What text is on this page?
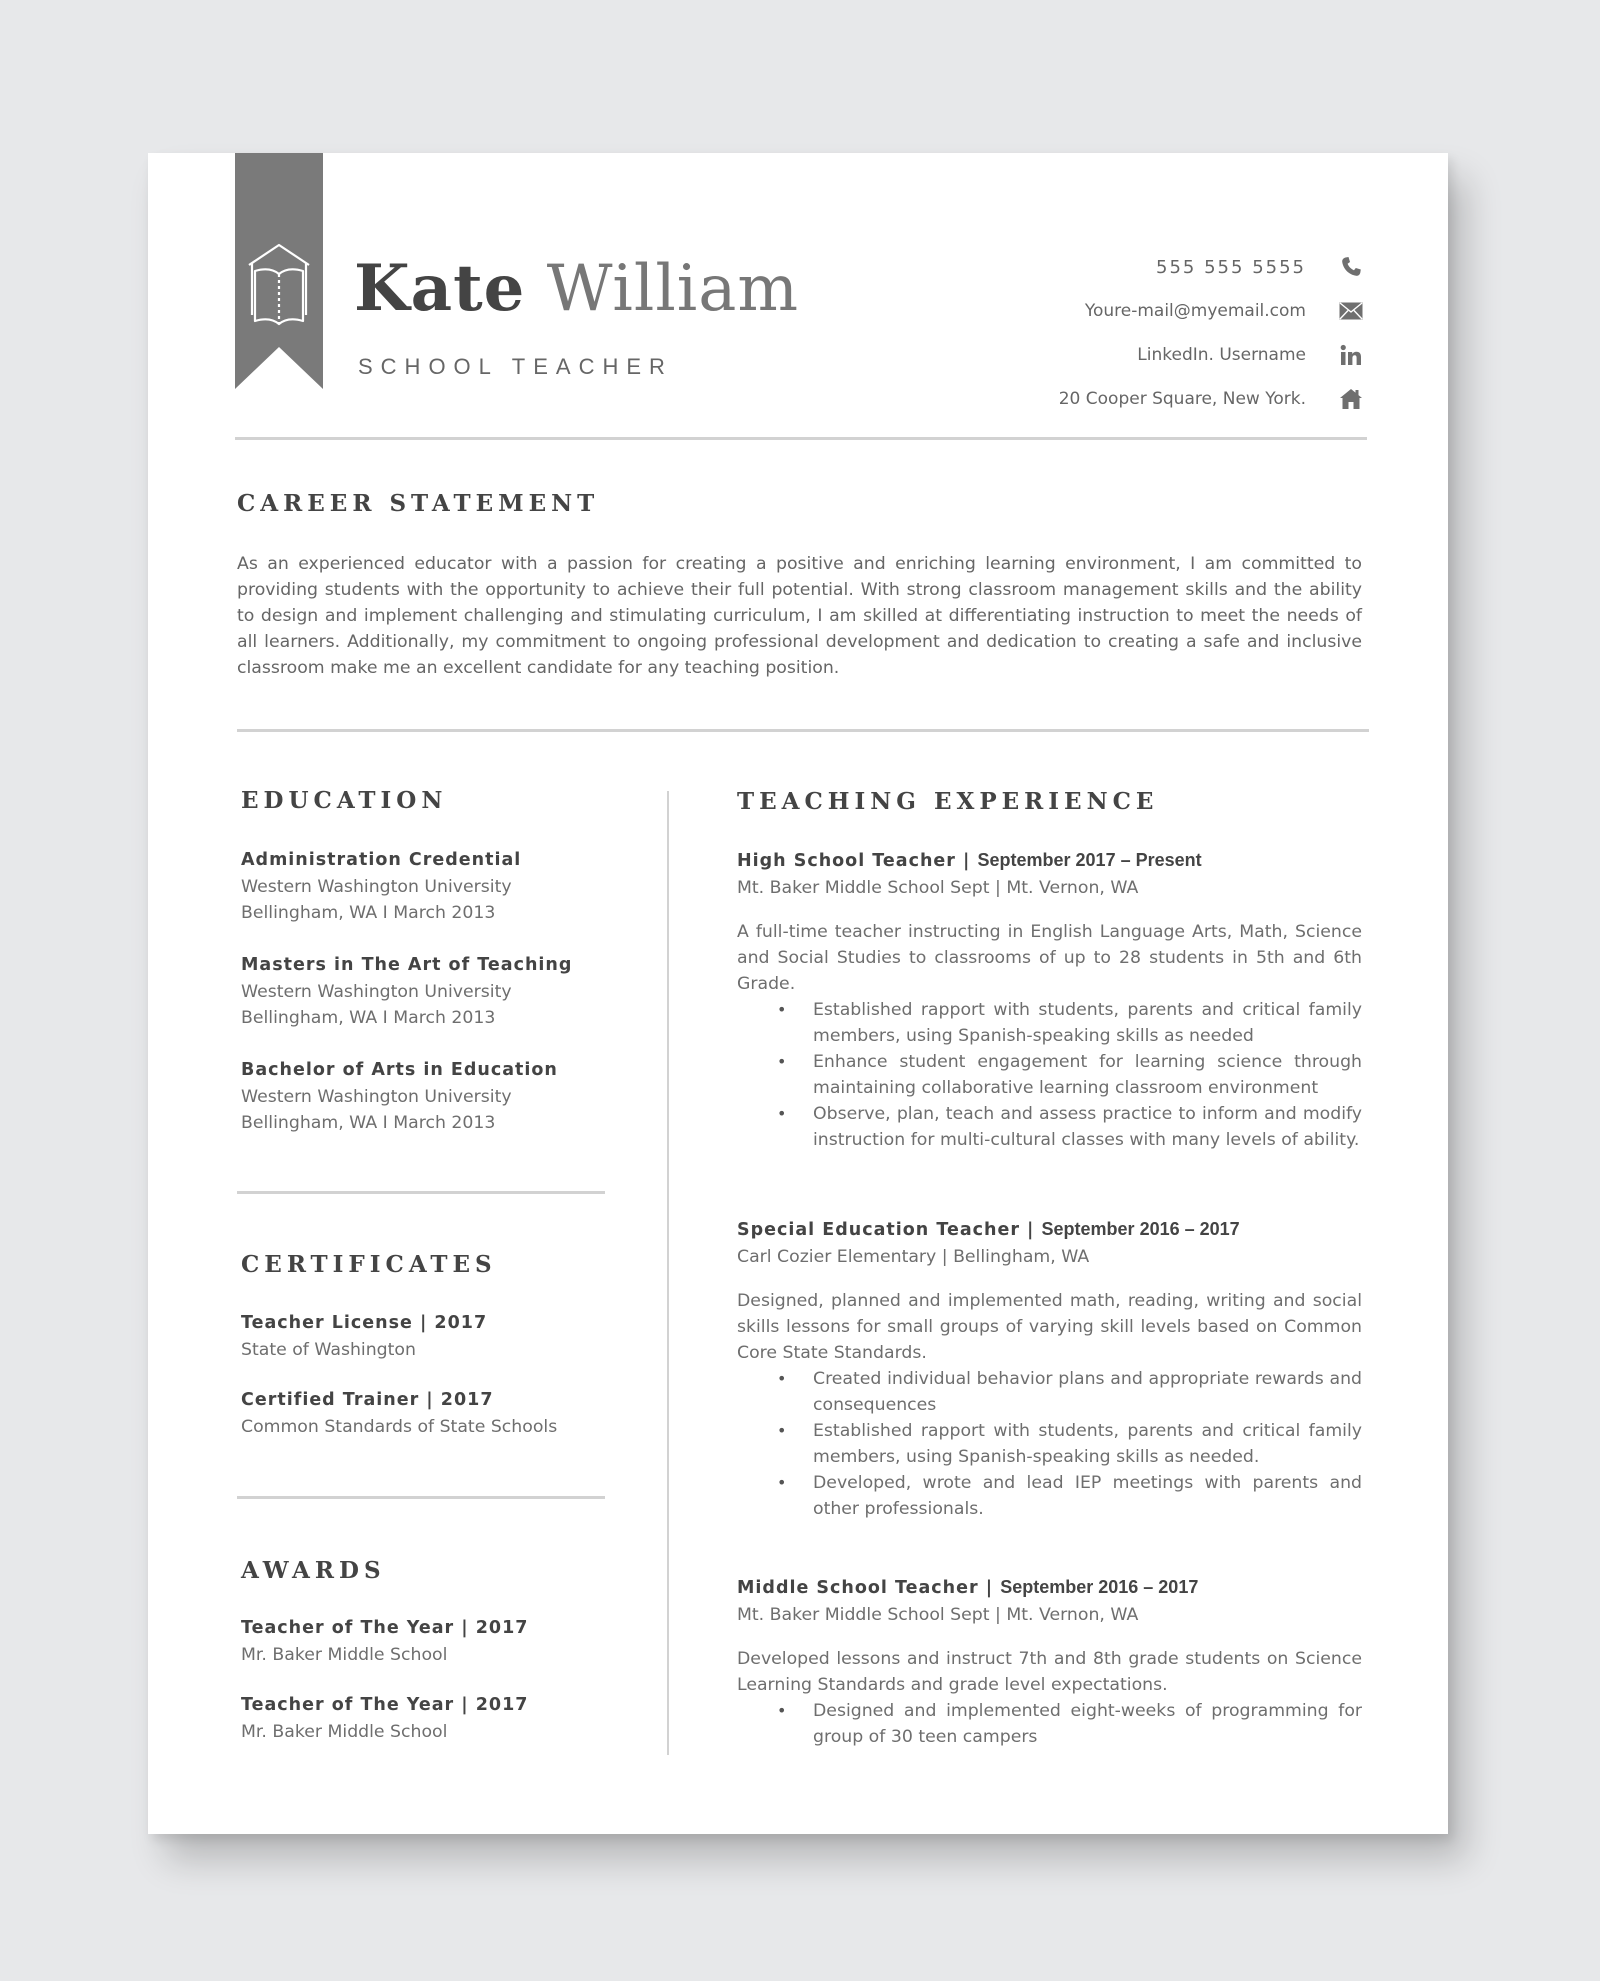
Kate William
SCHOOL TEACHER
555 555 5555
Youre-mail@myemail.com
LinkedIn. Username
20 Cooper Square, New York.
CAREER STATEMENT
As an experienced educator with a passion for creating a positive and enriching learning environment, I am committed to providing students with the opportunity to achieve their full potential. With strong classroom management skills and the ability to design and implement challenging and stimulating curriculum, I am skilled at differentiating instruction to meet the needs of all learners. Additionally, my commitment to ongoing professional development and dedication to creating a safe and inclusive classroom make me an excellent candidate for any teaching position.
EDUCATION
Administration Credential
Western Washington University
Bellingham, WA I March 2013
Masters in The Art of Teaching
Western Washington University
Bellingham, WA I March 2013
Bachelor of Arts in Education
Western Washington University
Bellingham, WA I March 2013
CERTIFICATES
Teacher License | 2017
State of Washington
Certified Trainer | 2017
Common Standards of State Schools
AWARDS
Teacher of The Year | 2017
Mr. Baker Middle School
Teacher of The Year | 2017
Mr. Baker Middle School
TEACHING EXPERIENCE
High School Teacher | September 2017 – Present
Mt. Baker Middle School Sept | Mt. Vernon, WA
A full-time teacher instructing in English Language Arts, Math, Science and Social Studies to classrooms of up to 28 students in 5th and 6th Grade.
• Established rapport with students, parents and critical family members, using Spanish-speaking skills as needed
• Enhance student engagement for learning science through maintaining collaborative learning classroom environment
• Observe, plan, teach and assess practice to inform and modify instruction for multi-cultural classes with many levels of ability.
Special Education Teacher | September 2016 – 2017
Carl Cozier Elementary | Bellingham, WA
Designed, planned and implemented math, reading, writing and social skills lessons for small groups of varying skill levels based on Common Core State Standards.
• Created individual behavior plans and appropriate rewards and consequences
• Established rapport with students, parents and critical family members, using Spanish-speaking skills as needed.
• Developed, wrote and lead IEP meetings with parents and other professionals.
Middle School Teacher | September 2016 – 2017
Mt. Baker Middle School Sept | Mt. Vernon, WA
Developed lessons and instruct 7th and 8th grade students on Science Learning Standards and grade level expectations.
• Designed and implemented eight-weeks of programming for group of 30 teen campers
